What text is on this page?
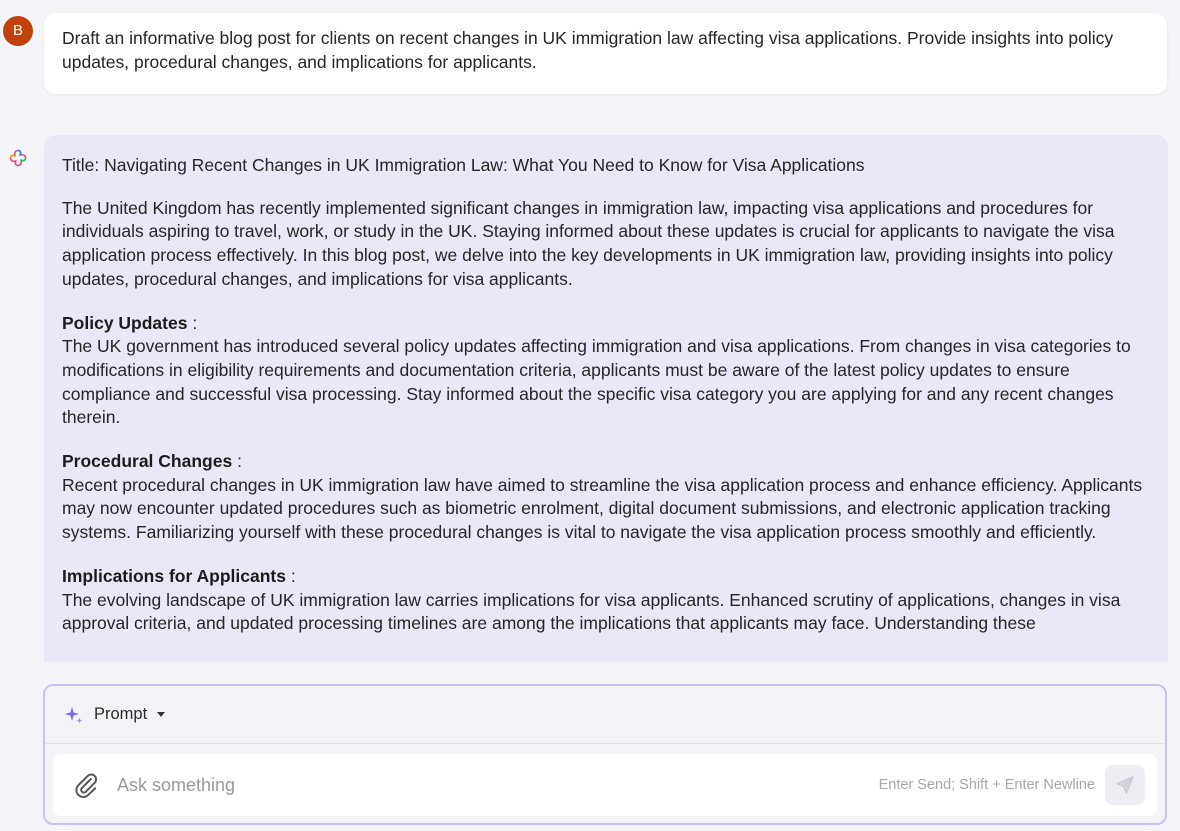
B	Draft an informative blog post for clients on recent changes in UK immigration law affecting visa applications. Provide insights into policy updates, procedural changes, and implications for applicants.

Title: Navigating Recent Changes in UK Immigration Law: What You Need to Know for Visa Applications

The United Kingdom has recently implemented significant changes in immigration law, impacting visa applications and procedures for individuals aspiring to travel, work, or study in the UK. Staying informed about these updates is crucial for applicants to navigate the visa application process effectively. In this blog post, we delve into the key developments in UK immigration law, providing insights into policy updates, procedural changes, and implications for visa applicants.

Policy Updates :
The UK government has introduced several policy updates affecting immigration and visa applications. From changes in visa categories to modifications in eligibility requirements and documentation criteria, applicants must be aware of the latest policy updates to ensure compliance and successful visa processing. Stay informed about the specific visa category you are applying for and any recent changes therein.

Procedural Changes :
Recent procedural changes in UK immigration law have aimed to streamline the visa application process and enhance efficiency. Applicants may now encounter updated procedures such as biometric enrolment, digital document submissions, and electronic application tracking systems. Familiarizing yourself with these procedural changes is vital to navigate the visa application process smoothly and efficiently.

Implications for Applicants :
The evolving landscape of UK immigration law carries implications for visa applicants. Enhanced scrutiny of applications, changes in visa approval criteria, and updated processing timelines are among the implications that applicants may face. Understanding these

Prompt
Ask something
Enter Send; Shift + Enter Newline
